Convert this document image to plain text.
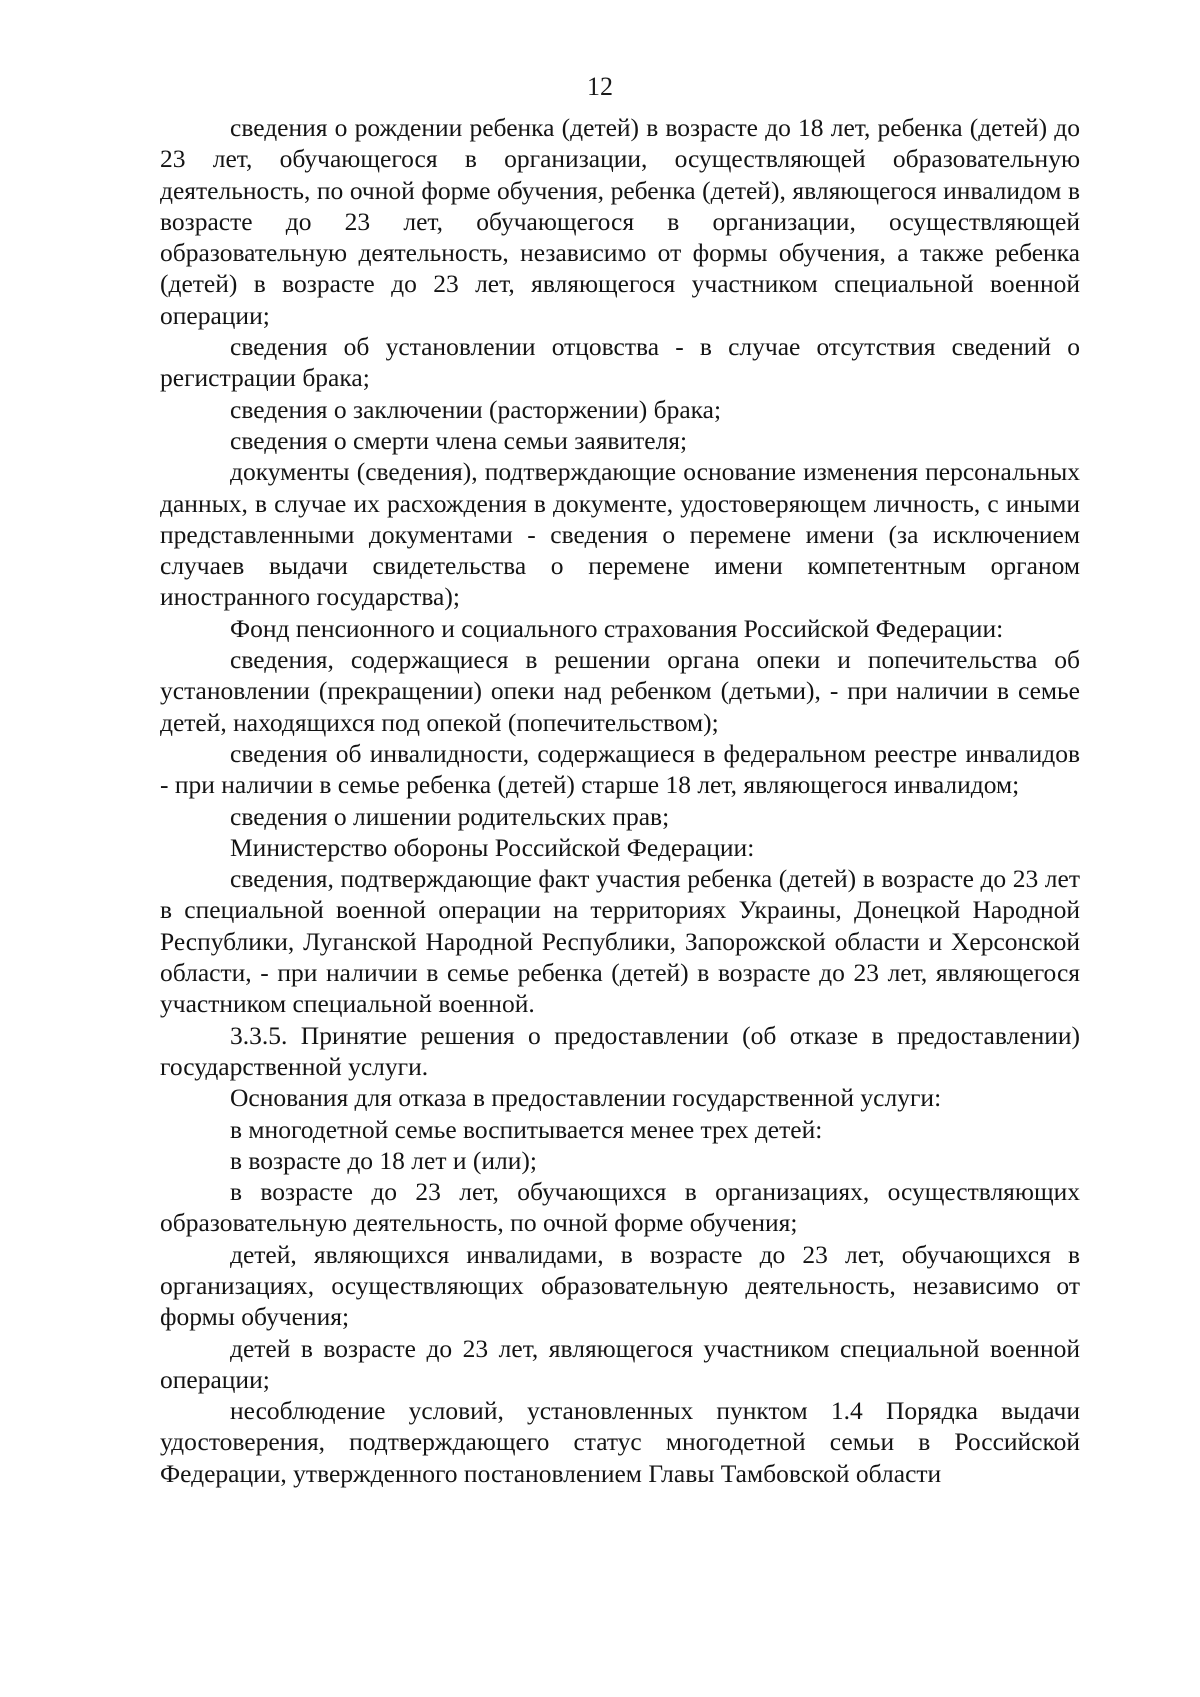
12

сведения о рождении ребенка (детей) в возрасте до 18 лет, ребенка (детей) до 23 лет, обучающегося в организации, осуществляющей образовательную деятельность, по очной форме обучения, ребенка (детей), являющегося инвалидом в возрасте до 23 лет, обучающегося в организации, осуществляющей образовательную деятельность, независимо от формы обучения, а также ребенка (детей) в возрасте до 23 лет, являющегося участником специальной военной операции;

сведения об установлении отцовства - в случае отсутствия сведений о регистрации брака;

сведения о заключении (расторжении) брака;

сведения о смерти члена семьи заявителя;

документы (сведения), подтверждающие основание изменения персональных данных, в случае их расхождения в документе, удостоверяющем личность, с иными представленными документами - сведения о перемене имени (за исключением случаев выдачи свидетельства о перемене имени компетентным органом иностранного государства);

Фонд пенсионного и социального страхования Российской Федерации:

сведения, содержащиеся в решении органа опеки и попечительства об установлении (прекращении) опеки над ребенком (детьми), - при наличии в семье детей, находящихся под опекой (попечительством);

сведения об инвалидности, содержащиеся в федеральном реестре инвалидов - при наличии в семье ребенка (детей) старше 18 лет, являющегося инвалидом;

сведения о лишении родительских прав;

Министерство обороны Российской Федерации:

сведения, подтверждающие факт участия ребенка (детей) в возрасте до 23 лет в специальной военной операции на территориях Украины, Донецкой Народной Республики, Луганской Народной Республики, Запорожской области и Херсонской области, - при наличии в семье ребенка (детей) в возрасте до 23 лет, являющегося участником специальной военной.

3.3.5. Принятие решения о предоставлении (об отказе в предоставлении) государственной услуги.

Основания для отказа в предоставлении государственной услуги:

в многодетной семье воспитывается менее трех детей:

в возрасте до 18 лет и (или);

в возрасте до 23 лет, обучающихся в организациях, осуществляющих образовательную деятельность, по очной форме обучения;

детей, являющихся инвалидами, в возрасте до 23 лет, обучающихся в организациях, осуществляющих образовательную деятельность, независимо от формы обучения;

детей в возрасте до 23 лет, являющегося участником специальной военной операции;

несоблюдение условий, установленных пунктом 1.4 Порядка выдачи удостоверения, подтверждающего статус многодетной семьи в Российской Федерации, утвержденного постановлением Главы Тамбовской области
